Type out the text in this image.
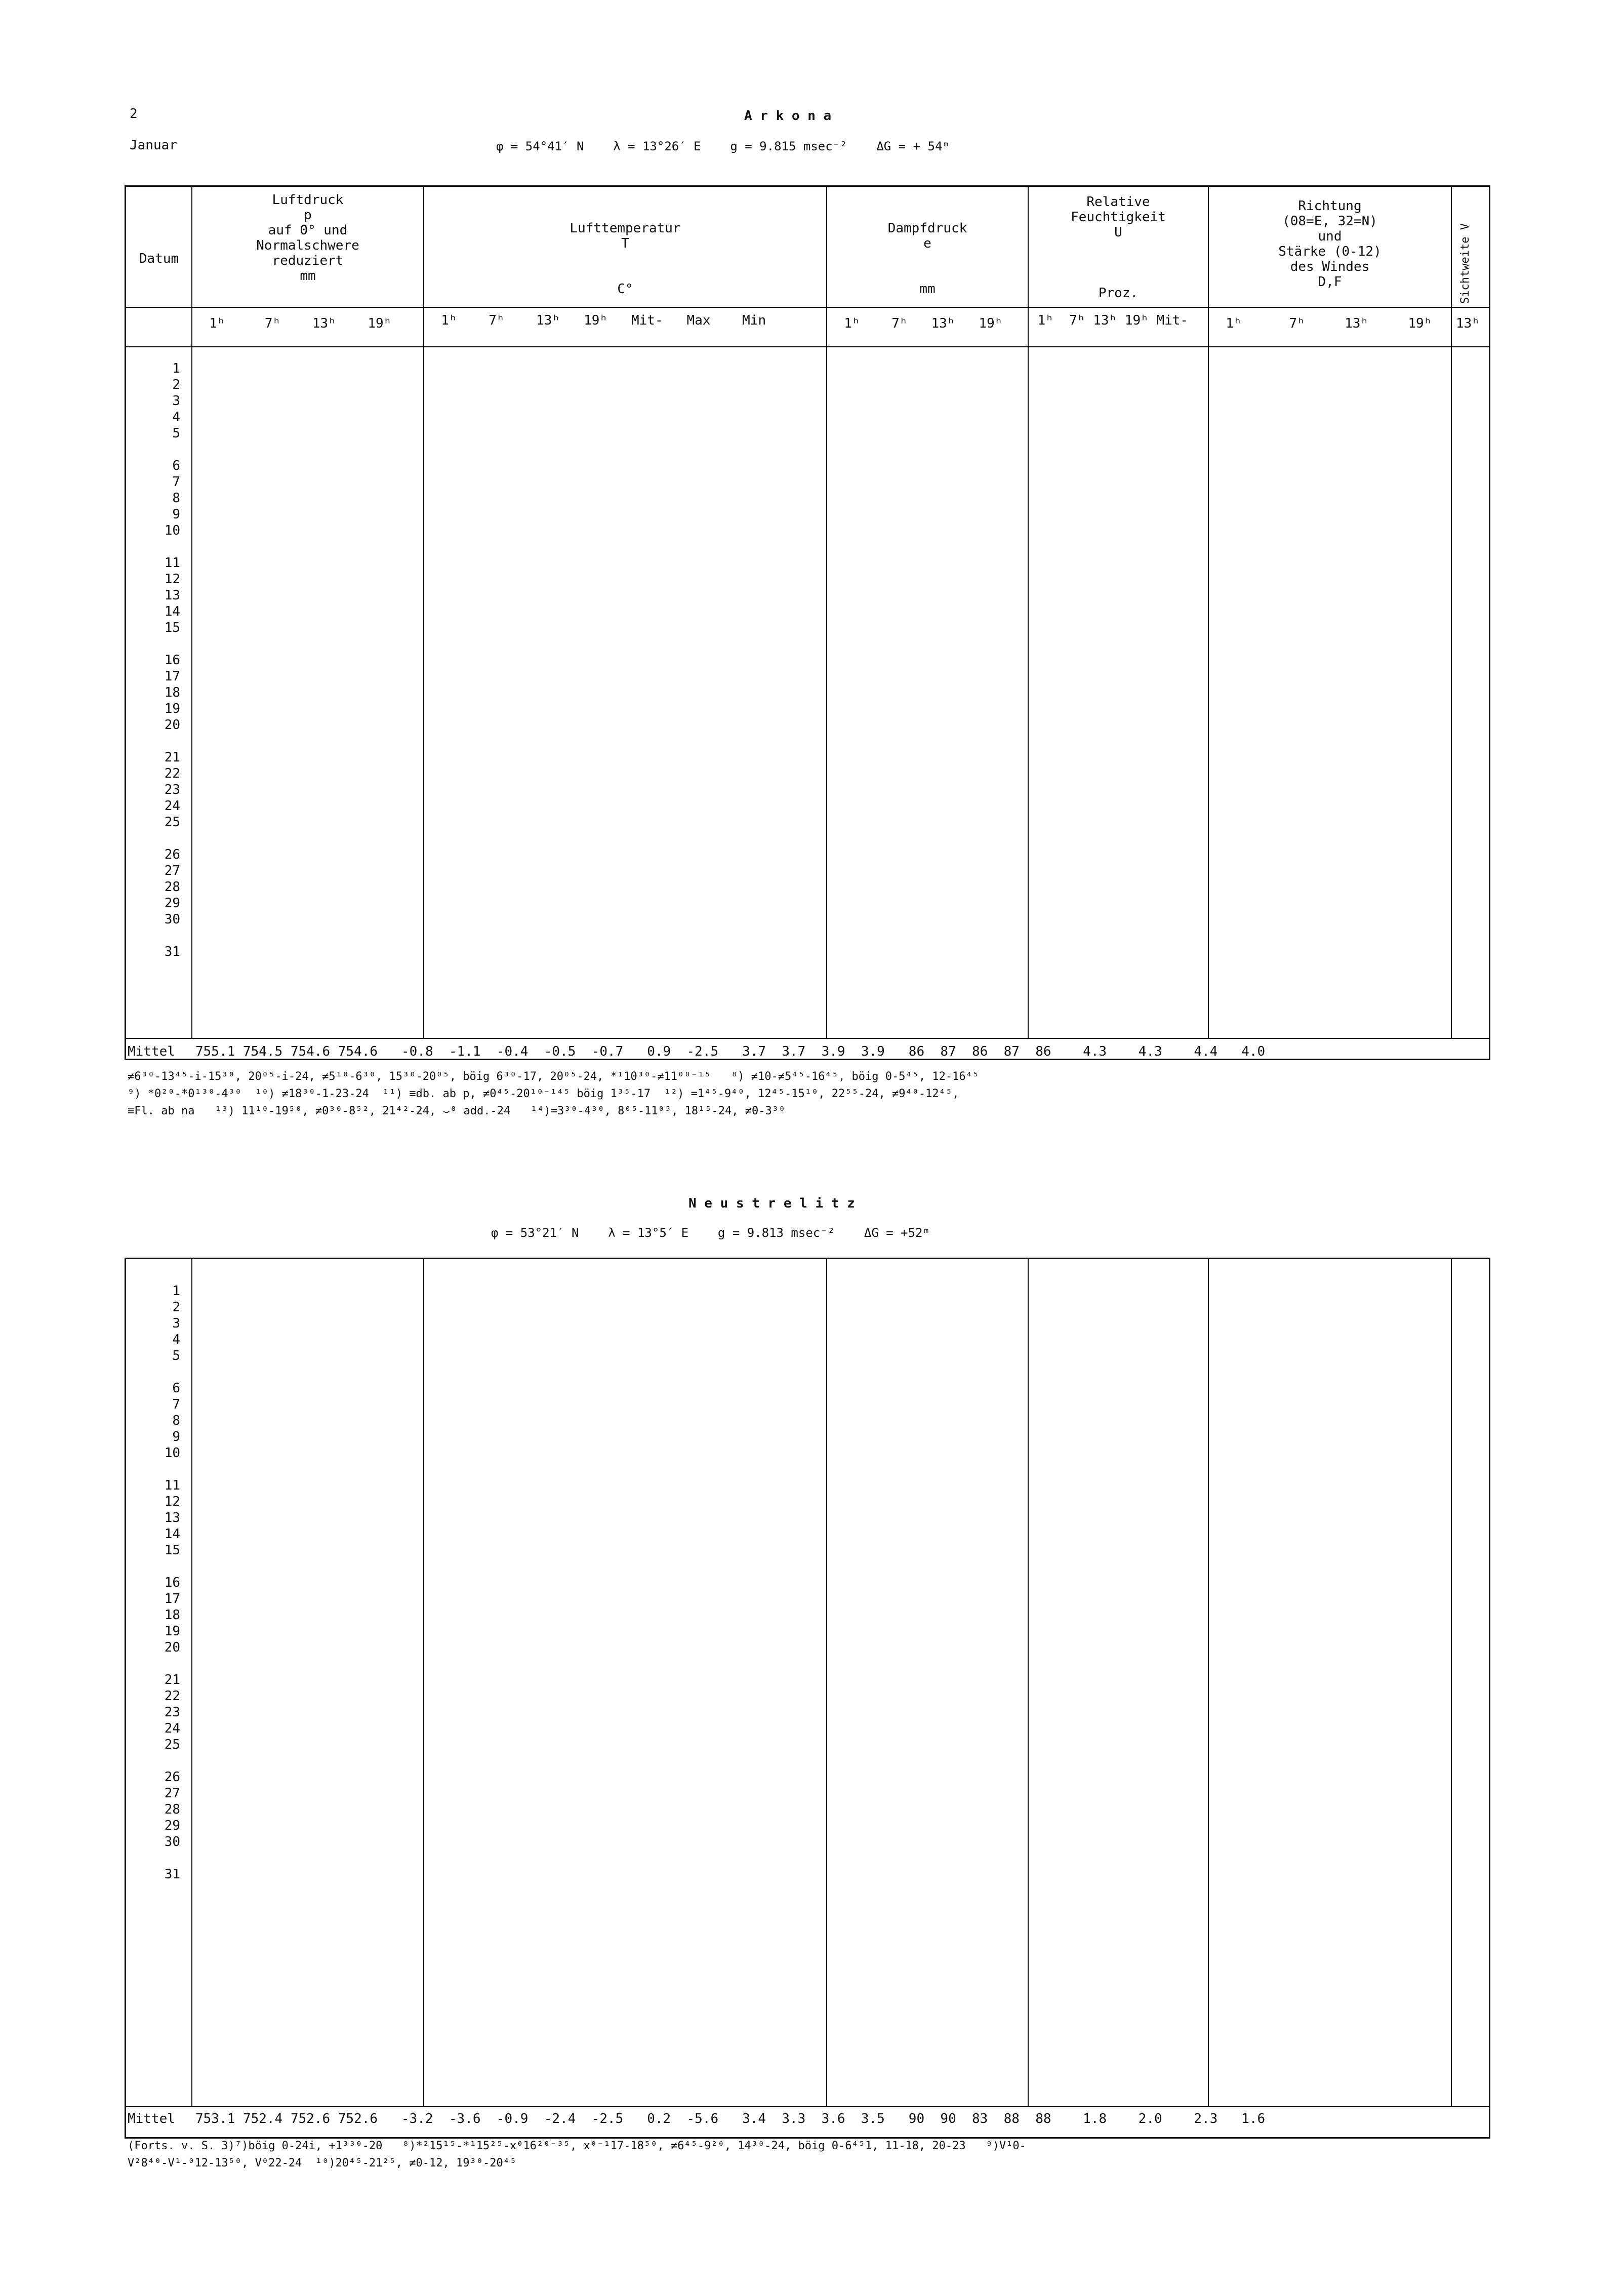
2
Januar
A r k o n a
φ = 54°41′ N    λ = 13°26′ E    g = 9.815 msec⁻²    ΔG = + 54ᵐ
Datum
Luftdruck
p
auf 0° und
Normalschwere
reduziert
mm
Lufttemperatur
T
C°
Dampfdruck
e
mm
Relative
Feuchtigkeit
U
Proz.
Richtung
(08=E, 32=N)
und
Stärke (0-12)
des Windes
D,F	Sichtweite V
1ʰ     7ʰ    13ʰ    19ʰ	1ʰ    7ʰ    13ʰ   19ʰ   Mit-   Max    Min	1ʰ    7ʰ   13ʰ   19ʰ 1ʰ  7ʰ 13ʰ 19ʰ Mit- 1ʰ      7ʰ     13ʰ     19ʰ 13ʰ
1
2
3
4
5

6
7
8
9
10

11
12
13
14
15

16
17
18
19
20

21
22
23
24
25

26
27
28
29
30

31
Mittel 755.1 754.5 754.6 754.6   -0.8  -1.1  -0.4  -0.5  -0.7   0.9  -2.5   3.7  3.7  3.9  3.9   86  87  86  87  86    4.3    4.3    4.4   4.0
≠6³⁰-13⁴⁵-i-15³⁰, 20⁰⁵-i-24, ≠5¹⁰-6³⁰, 15³⁰-20⁰⁵, böig 6³⁰-17, 20⁰⁵-24, *¹10³⁰-≠11⁰⁰⁻¹⁵   ⁸) ≠10-≠5⁴⁵-16⁴⁵, böig 0-5⁴⁵, 12-16⁴⁵
⁹) *0²⁰-*0¹³⁰-4³⁰  ¹⁰) ≠18³⁰-1-23-24  ¹¹) ≡db. ab p, ≠0⁴⁵-20¹⁰⁻¹⁴⁵ böig 1³⁵-17  ¹²) =1⁴⁵-9⁴⁰, 12⁴⁵-15¹⁰, 22⁵⁵-24, ≠9⁴⁰-12⁴⁵,
≡Fl. ab na   ¹³) 11¹⁰-19⁵⁰, ≠0³⁰-8⁵², 21⁴²-24, ⌣⁰ add.-24   ¹⁴)=3³⁰-4³⁰, 8⁰⁵-11⁰⁵, 18¹⁵-24, ≠0-3³⁰
N e u s t r e l i t z
φ = 53°21′ N    λ = 13°5′ E    g = 9.813 msec⁻²    ΔG = +52ᵐ
1
2
3
4
5

6
7
8
9
10

11
12
13
14
15

16
17
18
19
20

21
22
23
24
25

26
27
28
29
30

31
Mittel 753.1 752.4 752.6 752.6   -3.2  -3.6  -0.9  -2.4  -2.5   0.2  -5.6   3.4  3.3  3.6  3.5   90  90  83  88  88    1.8    2.0    2.3   1.6
(Forts. v. S. 3)⁷)böig 0-24i, +1³³⁰-20   ⁸)*²15¹⁵-*¹15²⁵-x⁰16²⁰⁻³⁵, x⁰⁻¹17-18⁵⁰, ≠6⁴⁵-9²⁰, 14³⁰-24, böig 0-6⁴⁵1, 11-18, 20-23   ⁹)V¹0-
V²8⁴⁰-V¹-⁰12-13⁵⁰, V⁰22-24  ¹⁰)20⁴⁵-21²⁵, ≠0-12, 19³⁰-20⁴⁵
